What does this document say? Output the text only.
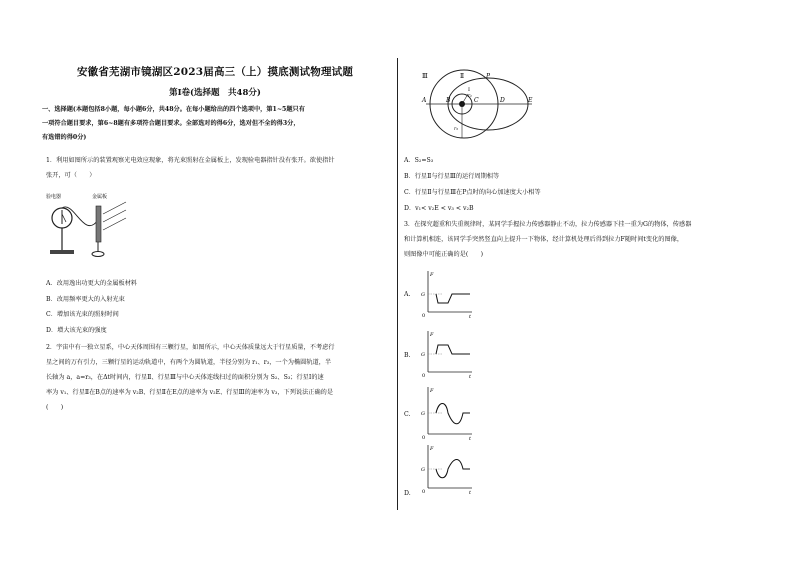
安徽省芜湖市镜湖区2023届高三（上）摸底测试物理试题
第Ⅰ卷(选择题　共48分)
一、选择题(本题包括8小题，每小题6分，共48分。在每小题给出的四个选项中，第1~5题只有
一项符合题目要求，第6~8题有多项符合题目要求。全部选对的得6分，选对但不全的得3分，
有选错的得0分)
1．利用如图所示的装置观察光电效应现象，将光束照射在金属板上，发现验电器指针没有张开。欲使指针
张开，可（　　）
验电器	金属板
A．改用逸出功更大的金属板材料
B．改用频率更大的入射光束
C．增加该光束的照射时间
D．增大该光束的强度
2．宇宙中有一独立星系，中心天体周围有三颗行星，如图所示，中心天体质量远大于行星质量，不考虑行
星之间的万有引力，三颗行星的运动轨道中，有两个为圆轨道，半径分别为 r₁、r₃，一个为椭圆轨道，半
长轴为 a，a=r₃，在Δt时间内，行星Ⅱ、行星Ⅲ与中心天体连线扫过的面积分别为 S₂、S₃；行星Ⅰ的速
率为 v₁、行星Ⅱ在B点的速率为 v₂B、行星Ⅱ在E点的速率为 v₂E、行星Ⅲ的速率为 v₃，下列说法正确的是
(　　)
Ⅲ	Ⅱ	P
Ⅰ
A	B	C	D	E
r₁
r₃
A．S₂=S₃
B．行星Ⅱ与行星Ⅲ的运行周期相等
C．行星Ⅱ与行星Ⅲ在P点时的向心加速度大小相等
D．v₁< v₂E < v₃ < v₂B
3．在探究超重和失重规律时，某同学手握拉力传感器静止不动，拉力传感器下挂一重为G的物体，传感器
和计算机相连，该同学手突然竖直向上提升一下物体，经计算机处理后得到拉力F随时间t变化的图像，
则图像中可能正确的是(　　)
A.
F
t
0
G
B.
F
t
0
G
C.
F
t
0
G
D.
F
t
0
G
